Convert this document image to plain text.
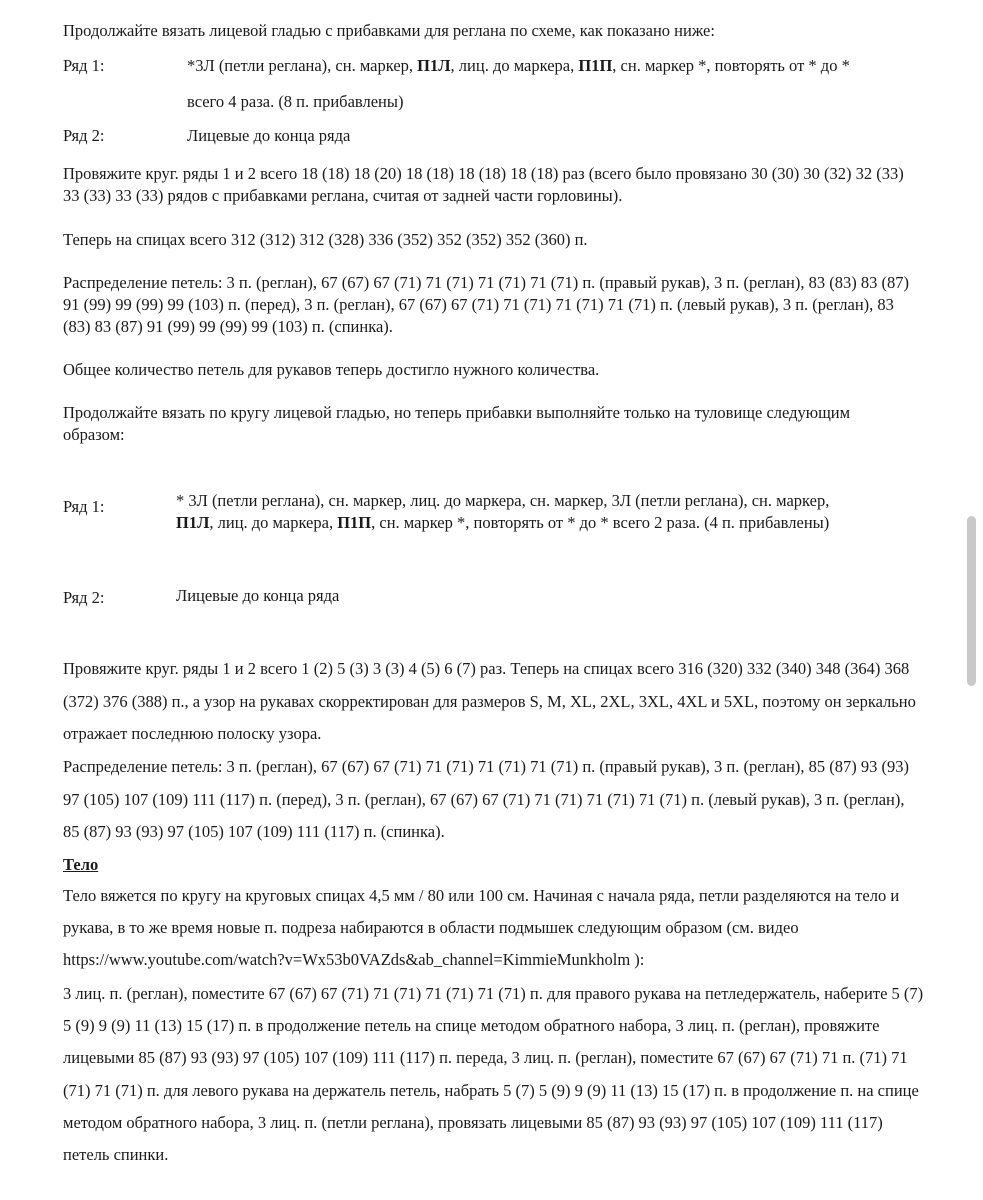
Продолжайте вязать лицевой гладью с прибавками для реглана по схеме, как показано ниже:

Ряд 1:	*3Л (петли реглана), сн. маркер, П1Л, лиц. до маркера, П1П, сн. маркер *, повторять от * до *

всего 4 раза. (8 п. прибавлены)

Ряд 2:	Лицевые до конца ряда

Провяжите круг. ряды 1 и 2 всего 18 (18) 18 (20) 18 (18) 18 (18) 18 (18) раз (всего было провязано 30 (30) 30 (32) 32 (33) 33 (33) 33 (33) рядов с прибавками реглана, считая от задней части горловины).

Теперь на спицах всего 312 (312) 312 (328) 336 (352) 352 (352) 352 (360) п.

Распределение петель: 3 п. (реглан), 67 (67) 67 (71) 71 (71) 71 (71) 71 (71) п. (правый рукав), 3 п. (реглан), 83 (83) 83 (87) 91 (99) 99 (99) 99 (103) п. (перед), 3 п. (реглан), 67 (67) 67 (71) 71 (71) 71 (71) 71 (71) п. (левый рукав), 3 п. (реглан), 83 (83) 83 (87) 91 (99) 99 (99) 99 (103) п. (спинка).

Общее количество петель для рукавов теперь достигло нужного количества.

Продолжайте вязать по кругу лицевой гладью, но теперь прибавки выполняйте только на туловище следующим образом:

Ряд 1:	* 3Л (петли реглана), сн. маркер, лиц. до маркера, сн. маркер, 3Л (петли реглана), сн. маркер,

П1Л, лиц. до маркера, П1П, сн. маркер *, повторять от * до * всего 2 раза. (4 п. прибавлены)

Ряд 2:	Лицевые до конца ряда

Провяжите круг. ряды 1 и 2 всего 1 (2) 5 (3) 3 (3) 4 (5) 6 (7) раз. Теперь на спицах всего 316 (320) 332 (340) 348 (364) 368 (372) 376 (388) п., а узор на рукавах скорректирован для размеров S, M, XL, 2XL, 3XL, 4XL и 5XL, поэтому он зеркально отражает последнюю полоску узора.

Распределение петель: 3 п. (реглан), 67 (67) 67 (71) 71 (71) 71 (71) 71 (71) п. (правый рукав), 3 п. (реглан), 85 (87) 93 (93) 97 (105) 107 (109) 111 (117) п. (перед), 3 п. (реглан), 67 (67) 67 (71) 71 (71) 71 (71) 71 (71) п. (левый рукав), 3 п. (реглан), 85 (87) 93 (93) 97 (105) 107 (109) 111 (117) п. (спинка).

Тело

Тело вяжется по кругу на круговых спицах 4,5 мм / 80 или 100 см. Начиная с начала ряда, петли разделяются на тело и рукава, в то же время новые п. подреза набираются в области подмышек следующим образом (см. видео https://www.youtube.com/watch?v=Wx53b0VAZds&ab_channel=KimmieMunkholm ):

3 лиц. п. (реглан), поместите 67 (67) 67 (71) 71 (71) 71 (71) 71 (71) п. для правого рукава на петледержатель, наберите 5 (7) 5 (9) 9 (9) 11 (13) 15 (17) п. в продолжение петель на спице методом обратного набора, 3 лиц. п. (реглан), провяжите лицевыми 85 (87) 93 (93) 97 (105) 107 (109) 111 (117) п. переда, 3 лиц. п. (реглан), поместите 67 (67) 67 (71) 71 п. (71) 71 (71) 71 (71) п. для левого рукава на держатель петель, набрать 5 (7) 5 (9) 9 (9) 11 (13) 15 (17) п. в продолжение п. на спице методом обратного набора, 3 лиц. п. (петли реглана), провязать лицевыми 85 (87) 93 (93) 97 (105) 107 (109) 111 (117) петель спинки.
